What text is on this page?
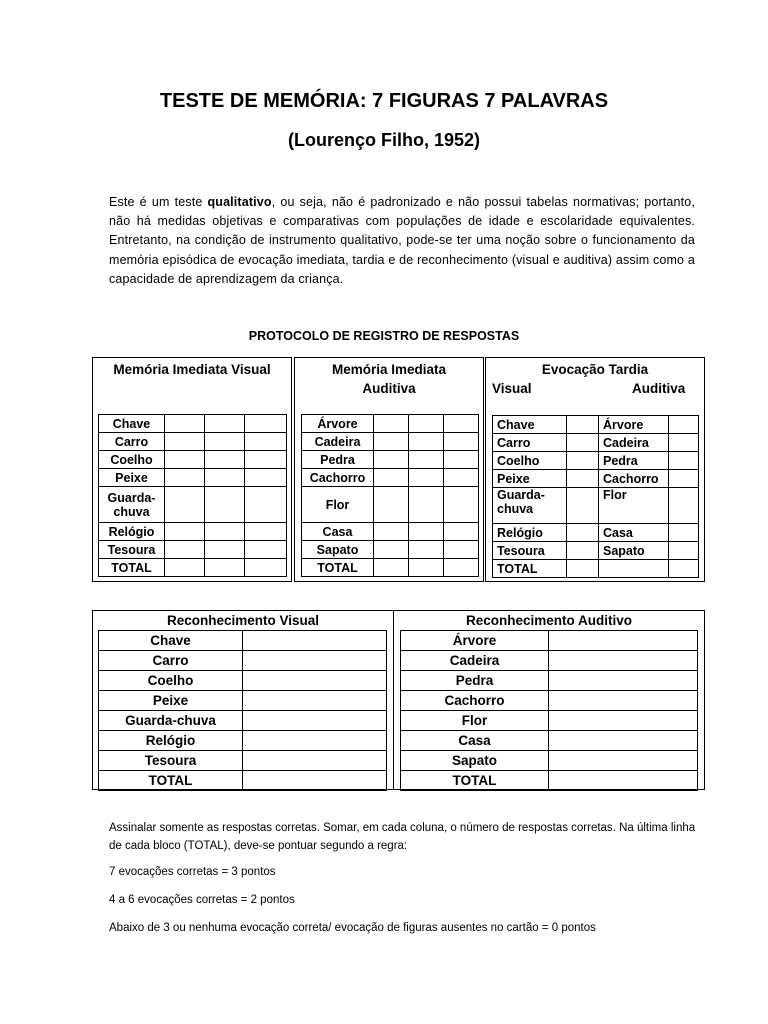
TESTE DE MEMÓRIA: 7 FIGURAS 7 PALAVRAS
(Lourenço Filho, 1952)
Este é um teste qualitativo, ou seja, não é padronizado e não possui tabelas normativas; portanto, não há medidas objetivas e comparativas com populações de idade e escolaridade equivalentes. Entretanto, na condição de instrumento qualitativo, pode-se ter uma noção sobre o funcionamento da memória episódica de evocação imediata, tardia e de reconhecimento (visual e auditiva) assim como a capacidade de aprendizagem da criança.
PROTOCOLO DE REGISTRO DE RESPOSTAS
Memória Imediata Visual
Chave			
Carro			
Coelho			
Peixe			
Guarda-chuva			
Relógio			
Tesoura			
TOTAL			
Memória Imediata
Auditiva
Árvore			
Cadeira			
Pedra			
Cachorro			
Flor			
Casa			
Sapato			
TOTAL			
Evocação Tardia
Visual	Auditiva
Chave		Árvore	
Carro		Cadeira	
Coelho		Pedra	
Peixe		Cachorro	
Guarda-chuva		Flor	
Relógio		Casa	
Tesoura		Sapato	
TOTAL			
Reconhecimento Visual
Chave	
Carro	
Coelho	
Peixe	
Guarda-chuva	
Relógio	
Tesoura	
TOTAL	
Reconhecimento Auditivo
Árvore	
Cadeira	
Pedra	
Cachorro	
Flor	
Casa	
Sapato	
TOTAL	
Assinalar somente as respostas corretas. Somar, em cada coluna, o número de respostas corretas. Na última linha de cada bloco (TOTAL), deve-se pontuar segundo a regra:
7 evocações corretas = 3 pontos
4 a 6 evocações corretas = 2 pontos
Abaixo de 3 ou nenhuma evocação correta/ evocação de figuras ausentes no cartão = 0 pontos
